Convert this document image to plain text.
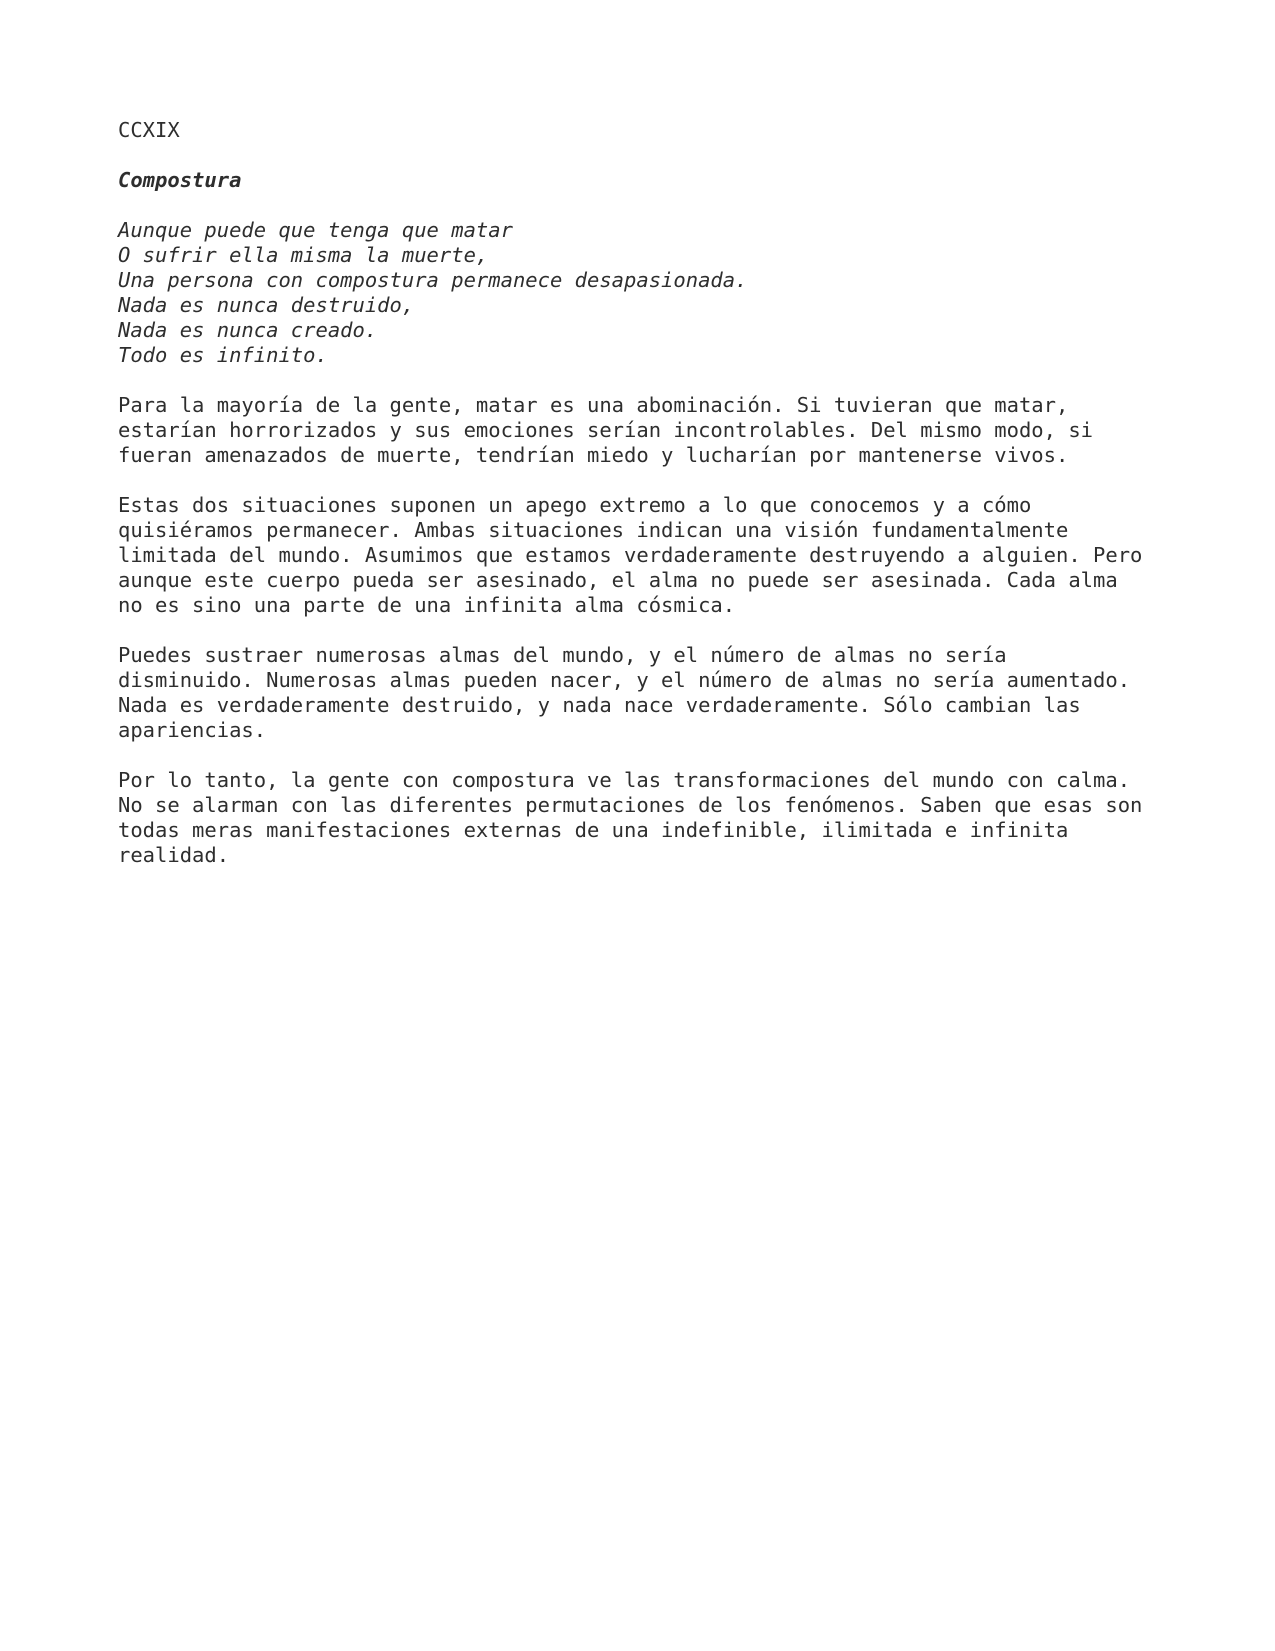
CCXIX
Compostura
Aunque puede que tenga que matar
O sufrir ella misma la muerte,
Una persona con compostura permanece desapasionada.
Nada es nunca destruido,
Nada es nunca creado.
Todo es infinito.
Para la mayoría de la gente, matar es una abominación. Si tuvieran que matar,
estarían horrorizados y sus emociones serían incontrolables. Del mismo modo, si
fueran amenazados de muerte, tendrían miedo y lucharían por mantenerse vivos.
Estas dos situaciones suponen un apego extremo a lo que conocemos y a cómo
quisiéramos permanecer. Ambas situaciones indican una visión fundamentalmente
limitada del mundo. Asumimos que estamos verdaderamente destruyendo a alguien. Pero
aunque este cuerpo pueda ser asesinado, el alma no puede ser asesinada. Cada alma
no es sino una parte de una infinita alma cósmica.
Puedes sustraer numerosas almas del mundo, y el número de almas no sería
disminuido. Numerosas almas pueden nacer, y el número de almas no sería aumentado.
Nada es verdaderamente destruido, y nada nace verdaderamente. Sólo cambian las
apariencias.
Por lo tanto, la gente con compostura ve las transformaciones del mundo con calma.
No se alarman con las diferentes permutaciones de los fenómenos. Saben que esas son
todas meras manifestaciones externas de una indefinible, ilimitada e infinita
realidad.
